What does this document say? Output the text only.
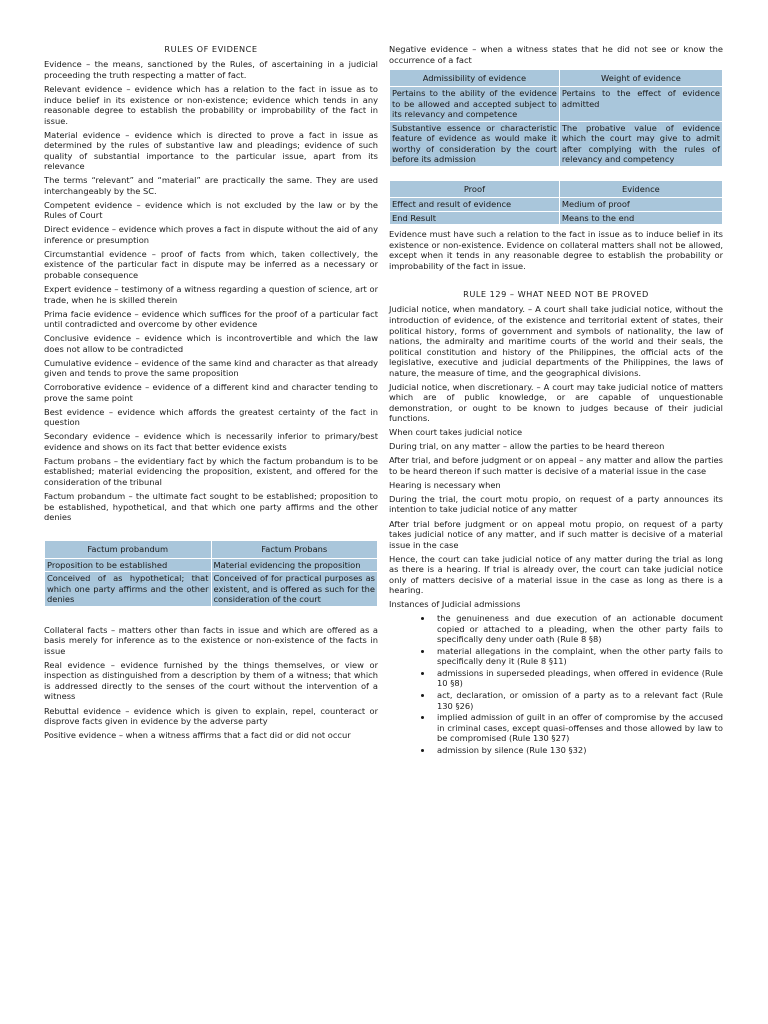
RULES OF EVIDENCE

Evidence – the means, sanctioned by the Rules, of ascertaining in a judicial proceeding the truth respecting a matter of fact.

Relevant evidence – evidence which has a relation to the fact in issue as to induce belief in its existence or non-existence; evidence which tends in any reasonable degree to establish the probability or improbability of the fact in issue.

Material evidence – evidence which is directed to prove a fact in issue as determined by the rules of substantive law and pleadings; evidence of such quality of substantial importance to the particular issue, apart from its relevance

The terms “relevant” and “material” are practically the same. They are used interchangeably by the SC.

Competent evidence – evidence which is not excluded by the law or by the Rules of Court

Direct evidence – evidence which proves a fact in dispute without the aid of any inference or presumption

Circumstantial evidence – proof of facts from which, taken collectively, the existence of the particular fact in dispute may be inferred as a necessary or probable consequence

Expert evidence – testimony of a witness regarding a question of science, art or trade, when he is skilled therein

Prima facie evidence – evidence which suffices for the proof of a particular fact until contradicted and overcome by other evidence

Conclusive evidence – evidence which is incontrovertible and which the law does not allow to be contradicted

Cumulative evidence – evidence of the same kind and character as that already given and tends to prove the same proposition

Corroborative evidence – evidence of a different kind and character tending to prove the same point

Best evidence – evidence which affords the greatest certainty of the fact in question

Secondary evidence – evidence which is necessarily inferior to primary/best evidence and shows on its fact that better evidence exists

Factum probans – the evidentiary fact by which the factum probandum is to be established; material evidencing the proposition, existent, and offered for the consideration of the tribunal

Factum probandum – the ultimate fact sought to be established; proposition to be established, hypothetical, and that which one party affirms and the other denies

Factum probandum	Factum Probans
Proposition to be established	Material evidencing the proposition
Conceived of as hypothetical; that which one party affirms and the other denies	Conceived of for practical purposes as existent, and is offered as such for the consideration of the court

Collateral facts – matters other than facts in issue and which are offered as a basis merely for inference as to the existence or non-existence of the facts in issue

Real evidence – evidence furnished by the things themselves, or view or inspection as distinguished from a description by them of a witness; that which is addressed directly to the senses of the court without the intervention of a witness

Rebuttal evidence – evidence which is given to explain, repel, counteract or disprove facts given in evidence by the adverse party

Positive evidence – when a witness affirms that a fact did or did not occur

Negative evidence – when a witness states that he did not see or know the occurrence of a fact

Admissibility of evidence	Weight of evidence
Pertains to the ability of the evidence to be allowed and accepted subject to its relevancy and competence	Pertains to the effect of evidence admitted
Substantive essence or characteristic feature of evidence as would make it worthy of consideration by the court before its admission	The probative value of evidence which the court may give to admit after complying with the rules of relevancy and competency
Proof	Evidence
Effect and result of evidence	Medium of proof
End Result	Means to the end

Evidence must have such a relation to the fact in issue as to induce belief in its existence or non-existence. Evidence on collateral matters shall not be allowed, except when it tends in any reasonable degree to establish the probability or improbability of the fact in issue.

RULE 129 – WHAT NEED NOT BE PROVED

Judicial notice, when mandatory. – A court shall take judicial notice, without the introduction of evidence, of the existence and territorial extent of states, their political history, forms of government and symbols of nationality, the law of nations, the admiralty and maritime courts of the world and their seals, the political constitution and history of the Philippines, the official acts of the legislative, executive and judicial departments of the Philippines, the laws of nature, the measure of time, and the geographical divisions.

Judicial notice, when discretionary. – A court may take judicial notice of matters which are of public knowledge, or are capable of unquestionable demonstration, or ought to be known to judges because of their judicial functions.

When court takes judicial notice

During trial, on any matter – allow the parties to be heard thereon

After trial, and before judgment or on appeal – any matter and allow the parties to be heard thereon if such matter is decisive of a material issue in the case

Hearing is necessary when

During the trial, the court motu propio, on request of a party announces its intention to take judicial notice of any matter

After trial before judgment or on appeal motu propio, on request of a party takes judicial notice of any matter, and if such matter is decisive of a material issue in the case

Hence, the court can take judicial notice of any matter during the trial as long as there is a hearing. If trial is already over, the court can take judicial notice only of matters decisive of a material issue in the case as long as there is a hearing.

Instances of Judicial admissions

• the genuineness and due execution of an actionable document copied or attached to a pleading, when the other party fails to specifically deny under oath (Rule 8 §8)
• material allegations in the complaint, when the other party fails to specifically deny it (Rule 8 §11)
• admissions in superseded pleadings, when offered in evidence (Rule 10 §8)
• act, declaration, or omission of a party as to a relevant fact (Rule 130 §26)
• implied admission of guilt in an offer of compromise by the accused in criminal cases, except quasi-offenses and those allowed by law to be compromised (Rule 130 §27)
• admission by silence (Rule 130 §32)
